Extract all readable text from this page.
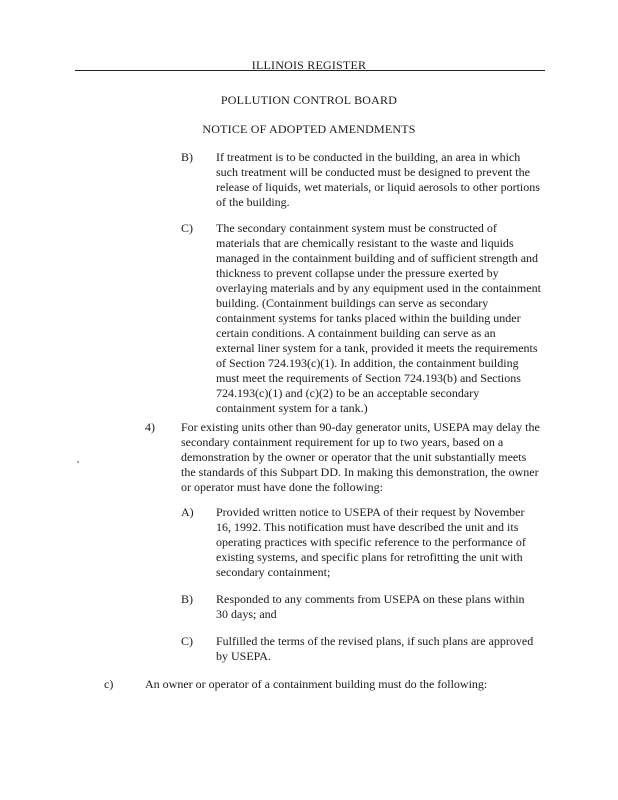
ILLINOIS REGISTER
POLLUTION CONTROL BOARD
NOTICE OF ADOPTED AMENDMENTS
B) If treatment is to be conducted in the building, an area in which
such treatment will be conducted must be designed to prevent the
release of liquids, wet materials, or liquid aerosols to other portions
of the building.
C) The secondary containment system must be constructed of
materials that are chemically resistant to the waste and liquids
managed in the containment building and of sufficient strength and
thickness to prevent collapse under the pressure exerted by
overlaying materials and by any equipment used in the containment
building. (Containment buildings can serve as secondary
containment systems for tanks placed within the building under
certain conditions. A containment building can serve as an
external liner system for a tank, provided it meets the requirements
of Section 724.193(c)(1). In addition, the containment building
must meet the requirements of Section 724.193(b) and Sections
724.193(c)(1) and (c)(2) to be an acceptable secondary
containment system for a tank.)
4) For existing units other than 90-day generator units, USEPA may delay the
secondary containment requirement for up to two years, based on a
demonstration by the owner or operator that the unit substantially meets
the standards of this Subpart DD. In making this demonstration, the owner
or operator must have done the following:
A) Provided written notice to USEPA of their request by November
16, 1992. This notification must have described the unit and its
operating practices with specific reference to the performance of
existing systems, and specific plans for retrofitting the unit with
secondary containment;
B) Responded to any comments from USEPA on these plans within
30 days; and
C) Fulfilled the terms of the revised plans, if such plans are approved
by USEPA.
c)	An owner or operator of a containment building must do the following:
